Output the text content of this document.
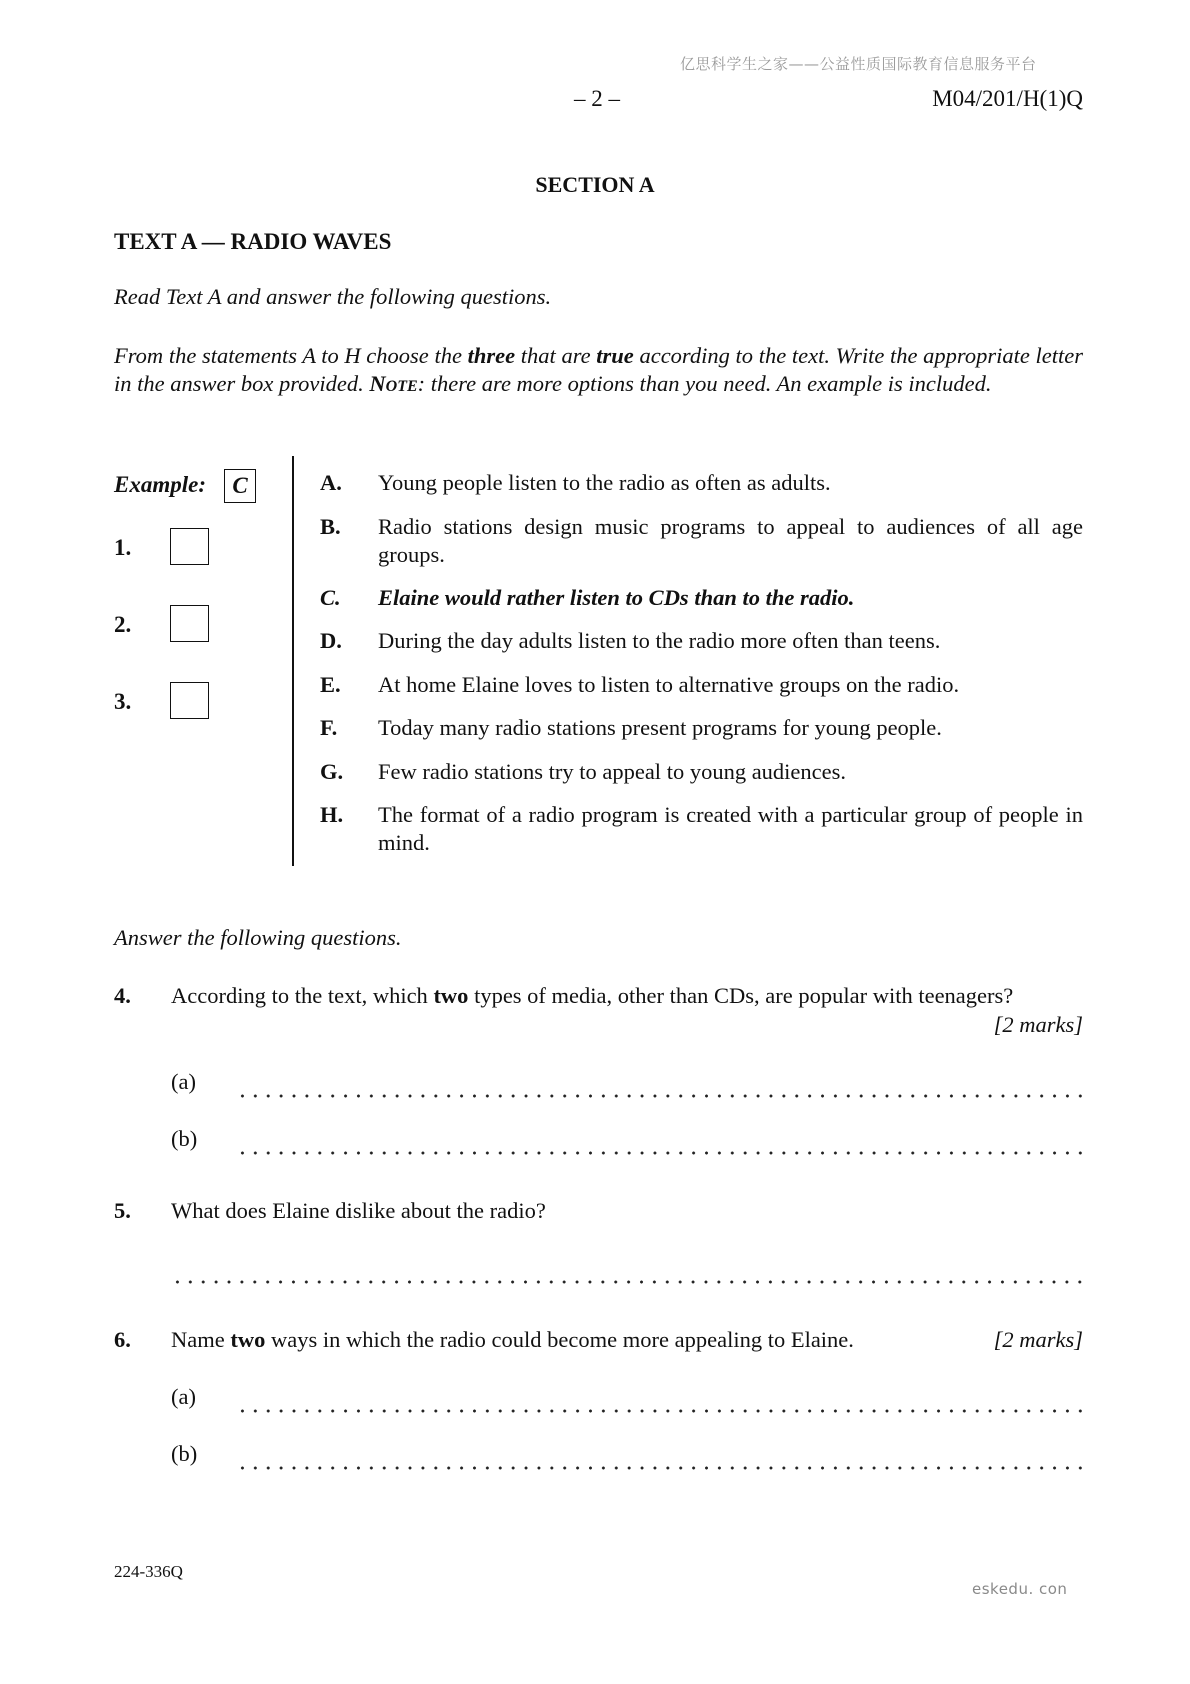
亿思科学生之家——公益性质国际教育信息服务平台
– 2 –	M04/201/H(1)Q
SECTION A
TEXT A — RADIO WAVES
Read Text A and answer the following questions.
From the statements A to H choose the three that are true according to the text. Write the appropriate letter in the answer box provided. Note: there are more options than you need. An example is included.
Example:	C
1.
2.
3.
A. Young people listen to the radio as often as adults.
B. Radio stations design music programs to appeal to audiences of all age groups.
C. Elaine would rather listen to CDs than to the radio.
D. During the day adults listen to the radio more often than teens.
E. At home Elaine loves to listen to alternative groups on the radio.
F. Today many radio stations present programs for young people.
G. Few radio stations try to appeal to young audiences.
H. The format of a radio program is created with a particular group of people in mind.
Answer the following questions.
4. According to the text, which two types of media, other than CDs, are popular with teenagers?
[2 marks]
(a)
(b)
5. What does Elaine dislike about the radio?
6. Name two ways in which the radio could become more appealing to Elaine.	[2 marks]
(a)
(b)
224-336Q
eskedu. con
